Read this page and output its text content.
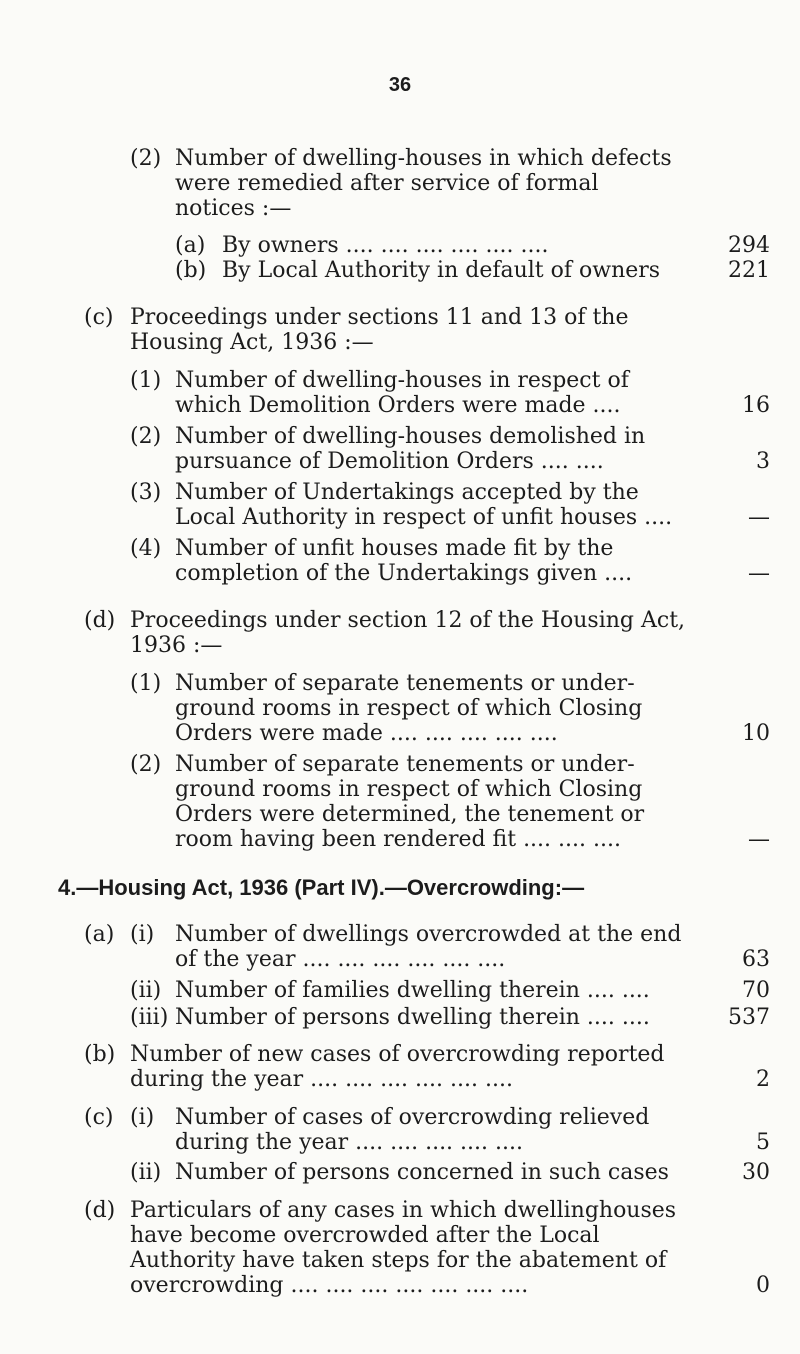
36
(2) Number of dwelling-houses in which defects
were remedied after service of formal
notices :—
(a) By owners .... .... .... .... .... ....	294
(b) By Local Authority in default of owners	221
(c) Proceedings under sections 11 and 13 of the
Housing Act, 1936 :—
(1) Number of dwelling-houses in respect of
which Demolition Orders were made ....	16
(2) Number of dwelling-houses demolished in
pursuance of Demolition Orders .... ....	3
(3) Number of Undertakings accepted by the
Local Authority in respect of unfit houses ....	—
(4) Number of unfit houses made fit by the
completion of the Undertakings given ....	—
(d) Proceedings under section 12 of the Housing Act,
1936 :—
(1) Number of separate tenements or under-
ground rooms in respect of which Closing
Orders were made .... .... .... .... ....	10
(2) Number of separate tenements or under-
ground rooms in respect of which Closing
Orders were determined, the tenement or
room having been rendered fit .... .... ....	—
4.—Housing Act, 1936 (Part IV).—Overcrowding:—
(a) (i) Number of dwellings overcrowded at the end
of the year .... .... .... .... .... ....	63
(ii) Number of families dwelling therein .... ....	70
(iii) Number of persons dwelling therein .... ....	537
(b) Number of new cases of overcrowding reported
during the year .... .... .... .... .... ....	2
(c) (i) Number of cases of overcrowding relieved
during the year .... .... .... .... ....	5
(ii) Number of persons concerned in such cases	30
(d) Particulars of any cases in which dwellinghouses
have become overcrowded after the Local
Authority have taken steps for the abatement of
overcrowding .... .... .... .... .... .... ....	0
